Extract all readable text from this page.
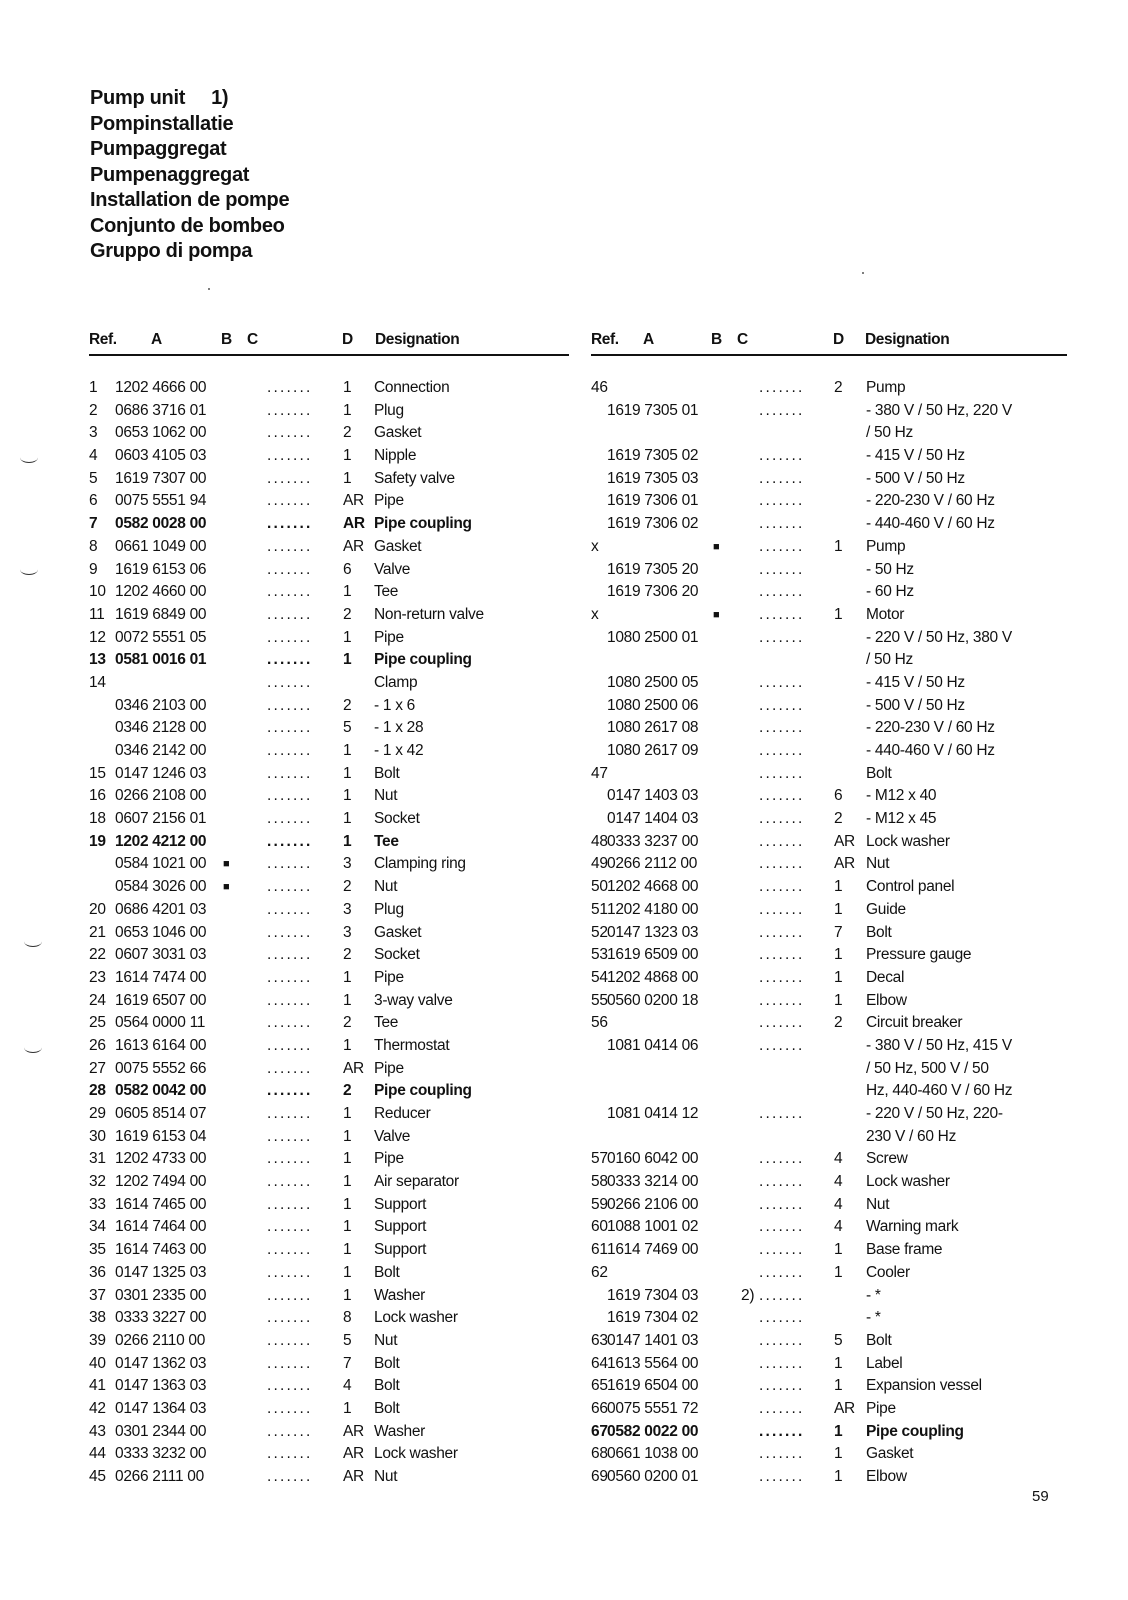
Pump unit 1)
Pompinstallatie
Pumpaggregat
Pumpenaggregat
Installation de pompe
Conjunto de bombeo
Gruppo di pompa
Ref. A	B C	D Designation
1 1202 4666 00	....... 1 Connection
2 0686 3716 01	....... 1 Plug
3 0653 1062 00	....... 2 Gasket
4 0603 4105 03	....... 1 Nipple
5 1619 7307 00	....... 1 Safety valve
6 0075 5551 94	....... AR Pipe
7 0582 0028 00	....... AR Pipe coupling
8 0661 1049 00	....... AR Gasket
9 1619 6153 06	....... 6 Valve
10 1202 4660 00	....... 1 Tee
11 1619 6849 00	....... 2 Non-return valve
12 0072 5551 05	....... 1 Pipe
13 0581 0016 01	....... 1 Pipe coupling
14	.......	Clamp
0346 2103 00	....... 2 - 1 x 6
0346 2128 00	....... 5 - 1 x 28
0346 2142 00	....... 1 - 1 x 42
15 0147 1246 03	....... 1 Bolt
16 0266 2108 00	....... 1 Nut
18 0607 2156 01	....... 1 Socket
19 1202 4212 00	....... 1 Tee
0584 1021 00 ■ ....... 3 Clamping ring
0584 3026 00 ■ ....... 2 Nut
20 0686 4201 03	....... 3 Plug
21 0653 1046 00	....... 3 Gasket
22 0607 3031 03	....... 2 Socket
23 1614 7474 00	....... 1 Pipe
24 1619 6507 00	....... 1 3-way valve
25 0564 0000 11	....... 2 Tee
26 1613 6164 00	....... 1 Thermostat
27 0075 5552 66	....... AR Pipe
28 0582 0042 00	....... 2 Pipe coupling
29 0605 8514 07	....... 1 Reducer
30 1619 6153 04	....... 1 Valve
31 1202 4733 00	....... 1 Pipe
32 1202 7494 00	....... 1 Air separator
33 1614 7465 00	....... 1 Support
34 1614 7464 00	....... 1 Support
35 1614 7463 00	....... 1 Support
36 0147 1325 03	....... 1 Bolt
37 0301 2335 00	....... 1 Washer
38 0333 3227 00	....... 8 Lock washer
39 0266 2110 00	....... 5 Nut
40 0147 1362 03	....... 7 Bolt
41 0147 1363 03	....... 4 Bolt
42 0147 1364 03	....... 1 Bolt
43 0301 2344 00	....... AR Washer
44 0333 3232 00	....... AR Lock washer
45 0266 2111 00	....... AR Nut
Ref. A	B C	D Designation
46	....... 2 Pump
1619 7305 01	.......	- 380 V / 50 Hz, 220 V
/ 50 Hz
1619 7305 02	.......	- 415 V / 50 Hz
1619 7305 03	.......	- 500 V / 50 Hz
1619 7306 01	.......	- 220-230 V / 60 Hz
1619 7306 02	.......	- 440-460 V / 60 Hz
x	■	....... 1 Pump
1619 7305 20	.......	- 50 Hz
1619 7306 20	.......	- 60 Hz
x	■	....... 1 Motor
1080 2500 01	.......	- 220 V / 50 Hz, 380 V
/ 50 Hz
1080 2500 05	.......	- 415 V / 50 Hz
1080 2500 06	.......	- 500 V / 50 Hz
1080 2617 08	.......	- 220-230 V / 60 Hz
1080 2617 09	.......	- 440-460 V / 60 Hz
47	.......	Bolt
0147 1403 03	....... 6 - M12 x 40
0147 1404 03	....... 2 - M12 x 45
48 0333 3237 00	....... AR Lock washer
49 0266 2112 00	....... AR Nut
50 1202 4668 00	....... 1 Control panel
51 1202 4180 00	....... 1 Guide
52 0147 1323 03	....... 7 Bolt
53 1619 6509 00	....... 1 Pressure gauge
54 1202 4868 00	....... 1 Decal
55 0560 0200 18	....... 1 Elbow
56	....... 2 Circuit breaker
1081 0414 06	.......	- 380 V / 50 Hz, 415 V
/ 50 Hz, 500 V / 50
Hz, 440-460 V / 60 Hz
1081 0414 12	.......	- 220 V / 50 Hz, 220-
230 V / 60 Hz
57 0160 6042 00	....... 4 Screw
58 0333 3214 00	....... 4 Lock washer
59 0266 2106 00	....... 4 Nut
60 1088 1001 02	....... 4 Warning mark
61 1614 7469 00	....... 1 Base frame
62	....... 1 Cooler
1619 7304 03	2) .......	- *
1619 7304 02	.......	- *
63 0147 1401 03	....... 5 Bolt
64 1613 5564 00	....... 1 Label
65 1619 6504 00	....... 1 Expansion vessel
66 0075 5551 72	....... AR Pipe
67 0582 0022 00	....... 1 Pipe coupling
68 0661 1038 00	....... 1 Gasket
69 0560 0200 01	....... 1 Elbow
59
